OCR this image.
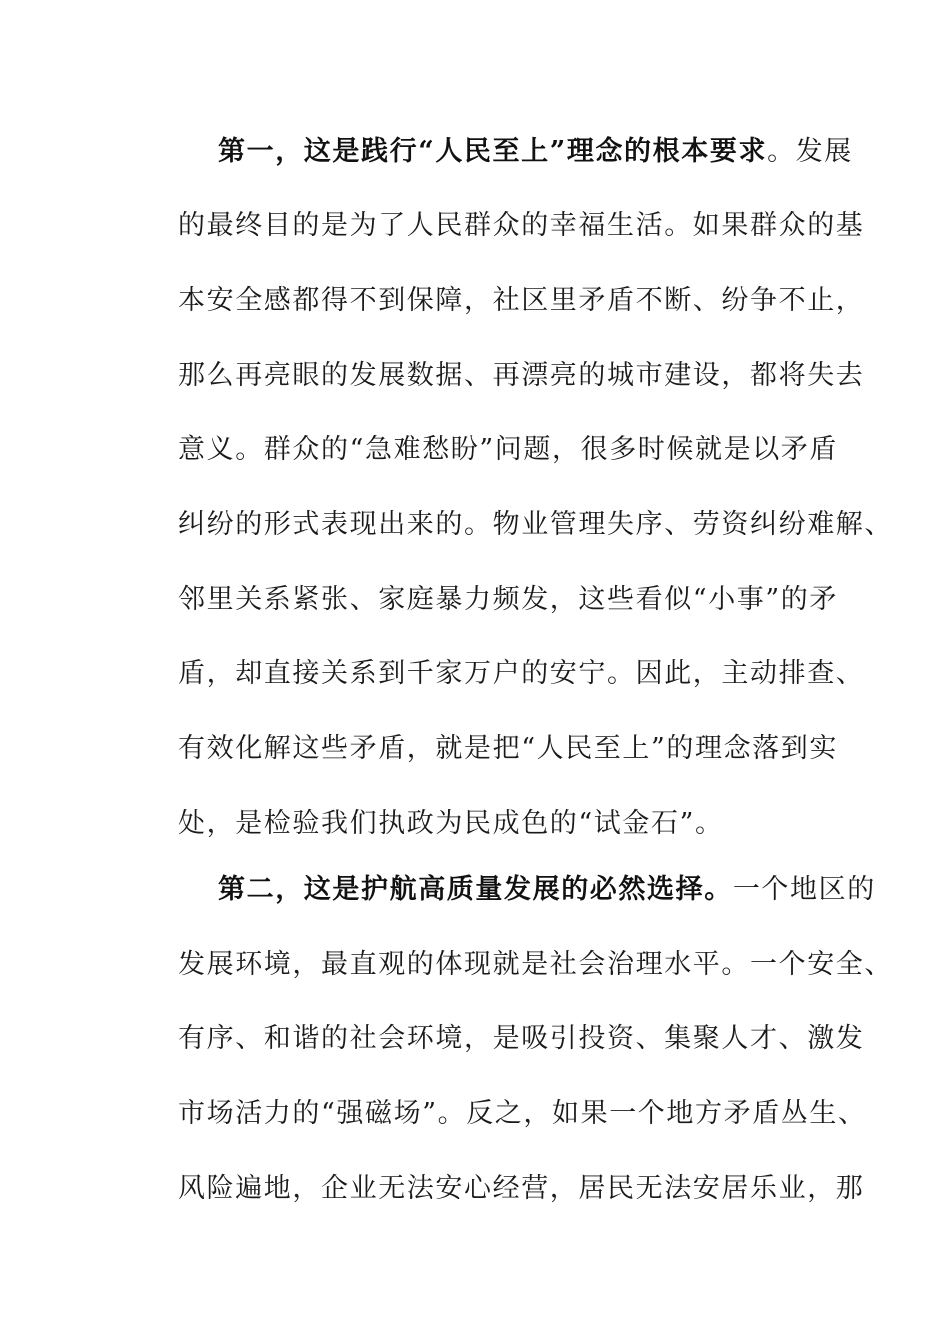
第一，这是践行“人民至上”理念的根本要求。发展
的最终目的是为了人民群众的幸福生活。如果群众的基
本安全感都得不到保障，社区里矛盾不断、纷争不止，
那么再亮眼的发展数据、再漂亮的城市建设，都将失去
意义。群众的“急难愁盼”问题，很多时候就是以矛盾
纠纷的形式表现出来的。物业管理失序、劳资纠纷难解、
邻里关系紧张、家庭暴力频发，这些看似“小事”的矛
盾，却直接关系到千家万户的安宁。因此，主动排查、
有效化解这些矛盾，就是把“人民至上”的理念落到实
处，是检验我们执政为民成色的“试金石”。
第二，这是护航高质量发展的必然选择。一个地区的
发展环境，最直观的体现就是社会治理水平。一个安全、
有序、和谐的社会环境，是吸引投资、集聚人才、激发
市场活力的“强磁场”。反之，如果一个地方矛盾丛生、
风险遍地，企业无法安心经营，居民无法安居乐业，那
